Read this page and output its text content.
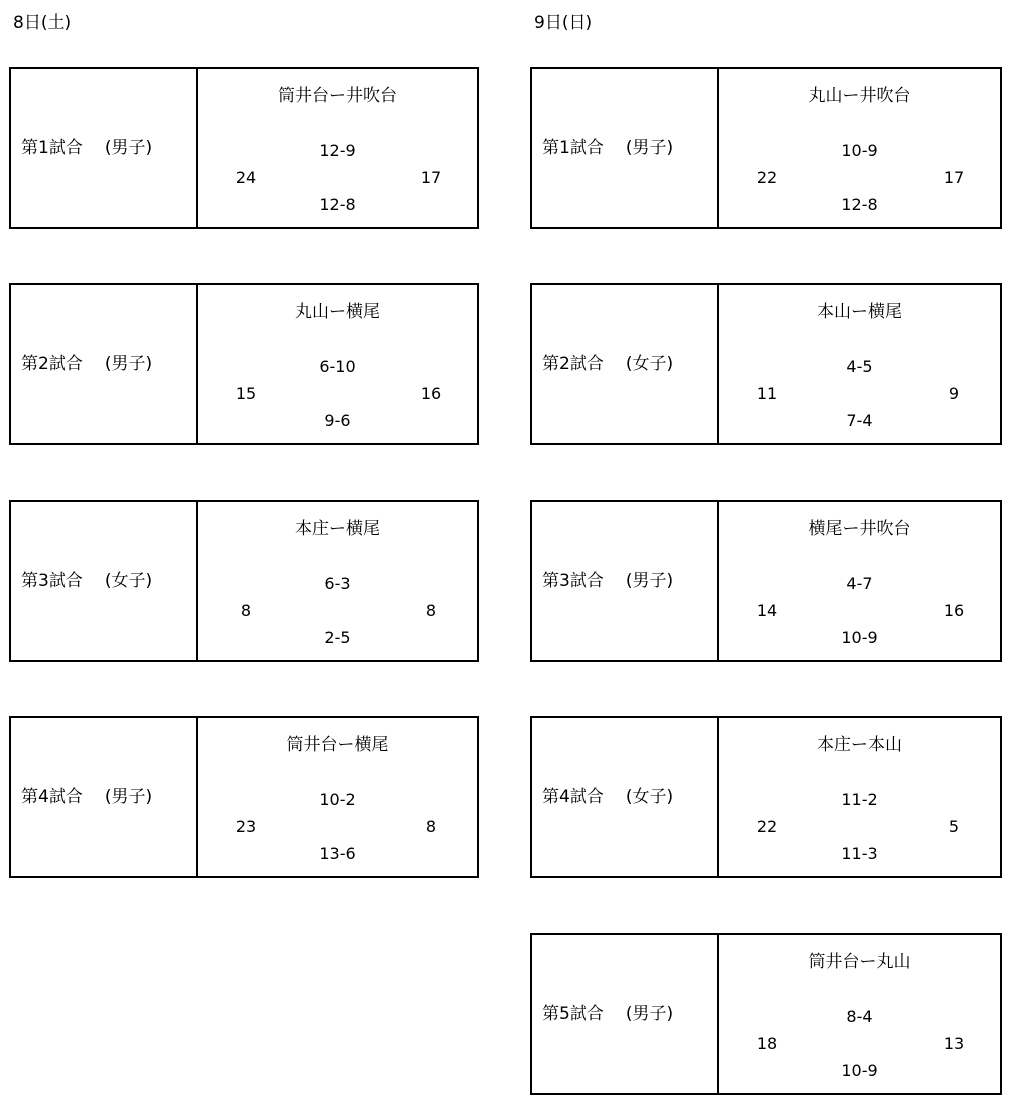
8日(土)	9日(日)
第1試合 (男子)
筒井台ー井吹台
12-9
24	17
12-8
第2試合 (男子)
丸山ー横尾
6-10
15	16
9-6
第3試合 (女子)
本庄ー横尾
6-3
8	8
2-5
第4試合 (男子)
筒井台ー横尾
10-2
23	8
13-6
第1試合 (男子)
丸山ー井吹台
10-9
22	17
12-8
第2試合 (女子)
本山ー横尾
4-5
11	9
7-4
第3試合 (男子)
横尾ー井吹台
4-7
14	16
10-9
第4試合 (女子)
本庄ー本山
11-2
22	5
11-3
第5試合 (男子)
筒井台ー丸山
8-4
18	13
10-9
